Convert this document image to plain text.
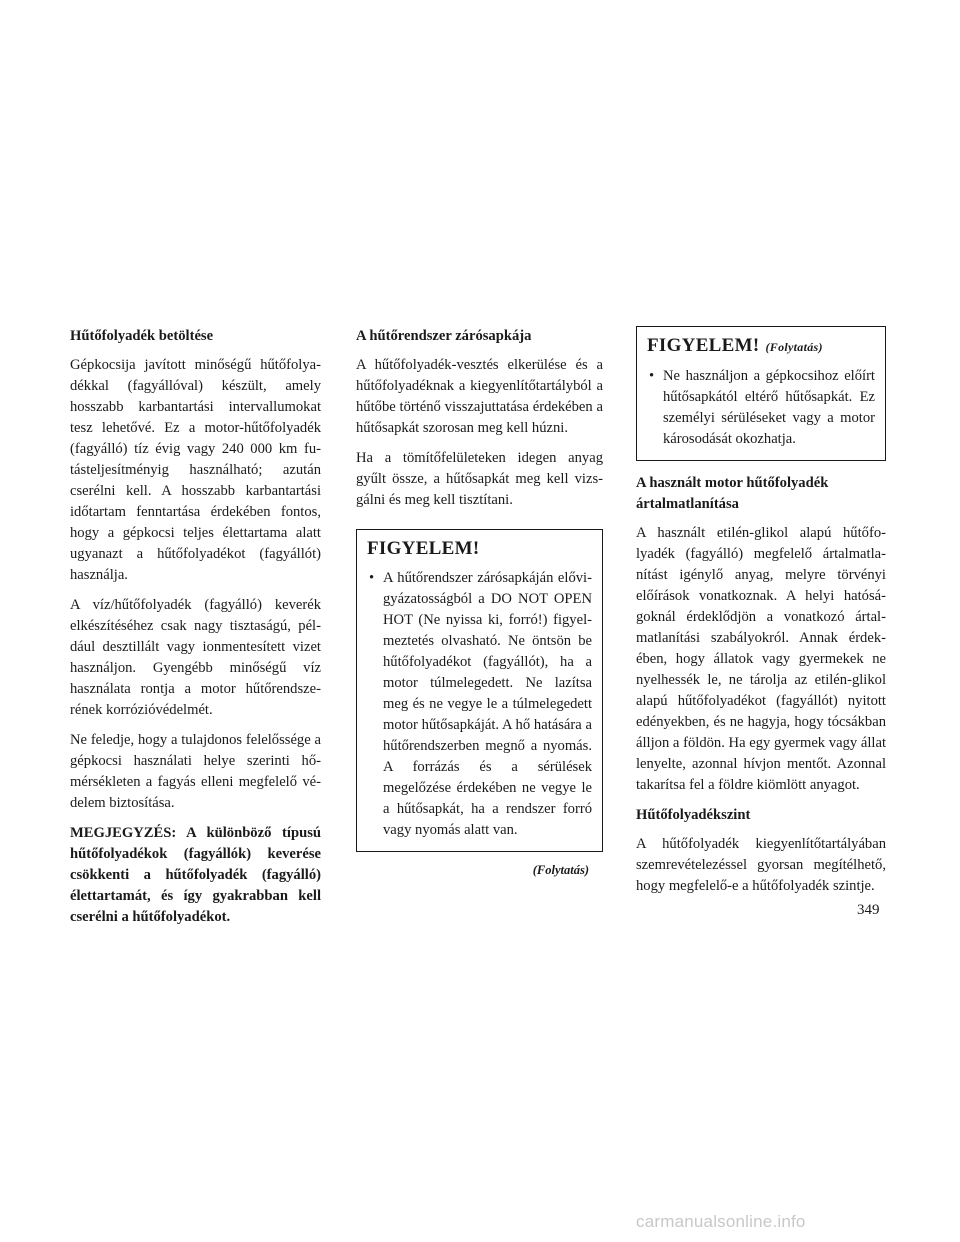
Hűtőfolyadék betöltése

Gépkocsija javított minőségű hűtőfolyadékkal (fagyállóval) készült, amely hosszabb karbantartási intervallumokat tesz lehetővé. Ez a motor-hűtőfolyadék (fagyálló) tíz évig vagy 240 000 km futásteljesítményig használható; azután cserélni kell. A hosszabb karbantartási időtartam fenntartása érdekében fontos, hogy a gépkocsi teljes élettartama alatt ugyanazt a hűtőfolyadékot (fagyállót) használja.

A víz/hűtőfolyadék (fagyálló) keverék elkészítéséhez csak nagy tisztaságú, például desztillált vagy ionmentesített vizet használjon. Gyengébb minőségű víz használata rontja a motor hűtőrendszerének korrózióvédelmét.

Ne feledje, hogy a tulajdonos felelőssége a gépkocsi használati helye szerinti hőmérsékleten a fagyás elleni megfelelő védelem biztosítása.

MEGJEGYZÉS: A különböző típusú hűtőfolyadékok (fagyállók) keverése csökkenti a hűtőfolyadék (fagyálló) élettartamát, és így gyakrabban kell cserélni a hűtőfolyadékot.

A hűtőrendszer zárósapkája

A hűtőfolyadék-vesztés elkerülése és a hűtőfolyadéknak a kiegyenlítőtartályból a hűtőbe történő visszajuttatása érdekében a hűtősapkát szorosan meg kell húzni.

Ha a tömítőfelületeken idegen anyag gyűlt össze, a hűtősapkát meg kell vizsgálni és meg kell tisztítani.

FIGYELEM!
• A hűtőrendszer zárósapkáján elővigyázatosságból a DO NOT OPEN HOT (Ne nyissa ki, forró!) figyelmeztetés olvasható. Ne öntsön be hűtőfolyadékot (fagyállót), ha a motor túlmelegedett. Ne lazítsa meg és ne vegye le a túlmelegedett motor hűtősapkáját. A hő hatására a hűtőrendszerben megnő a nyomás. A forrázás és a sérülések megelőzése érdekében ne vegye le a hűtősapkát, ha a rendszer forró vagy nyomás alatt van.
(Folytatás)
FIGYELEM! (Folytatás)
• Ne használjon a gépkocsihoz előírt hűtősapkától eltérő hűtősapkát. Ez személyi sérüléseket vagy a motor károsodását okozhatja.
A használt motor hűtőfolyadék ártalmatlanítása

A használt etilén-glikol alapú hűtőfolyadék (fagyálló) megfelelő ártalmatlanítást igénylő anyag, melyre törvényi előírások vonatkoznak. A helyi hatóságoknál érdeklődjön a vonatkozó ártalmatlanítási szabályokról. Annak érdekében, hogy állatok vagy gyermekek ne nyelhessék le, ne tárolja az etilén-glikol alapú hűtőfolyadékot (fagyállót) nyitott edényekben, és ne hagyja, hogy tócsákban álljon a földön. Ha egy gyermek vagy állat lenyelte, azonnal hívjon mentőt. Azonnal takarítsa fel a földre kiömlött anyagot.

Hűtőfolyadékszint

A hűtőfolyadék kiegyenlítőtartályában szemrevételezéssel gyorsan megítélhető, hogy megfelelő-e a hűtőfolyadék szintje.

349
carmanualsonline.info
